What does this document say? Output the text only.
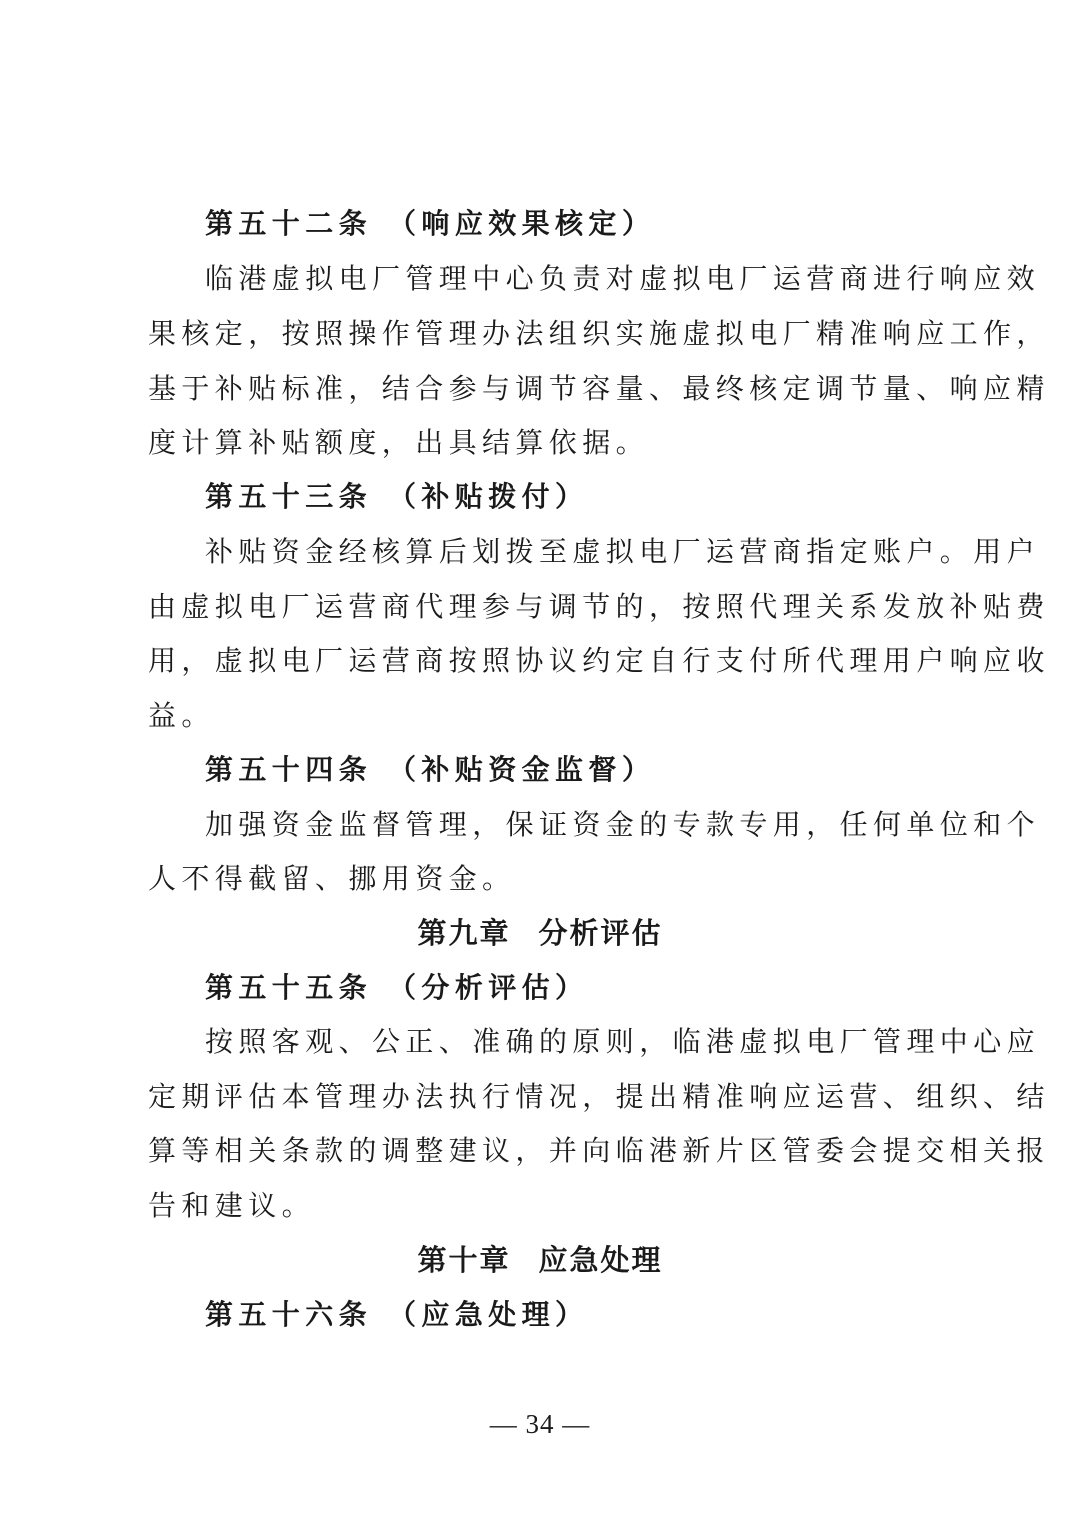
第五十二条 （响应效果核定）
临港虚拟电厂管理中心负责对虚拟电厂运营商进行响应效
果核定，按照操作管理办法组织实施虚拟电厂精准响应工作，
基于补贴标准，结合参与调节容量、最终核定调节量、响应精
度计算补贴额度，出具结算依据。
第五十三条 （补贴拨付）
补贴资金经核算后划拨至虚拟电厂运营商指定账户。用户
由虚拟电厂运营商代理参与调节的，按照代理关系发放补贴费
用，虚拟电厂运营商按照协议约定自行支付所代理用户响应收
益。
第五十四条 （补贴资金监督）
加强资金监督管理，保证资金的专款专用，任何单位和个
人不得截留、挪用资金。
第九章 分析评估
第五十五条 （分析评估）
按照客观、公正、准确的原则，临港虚拟电厂管理中心应
定期评估本管理办法执行情况，提出精准响应运营、组织、结
算等相关条款的调整建议，并向临港新片区管委会提交相关报
告和建议。
第十章 应急处理
第五十六条 （应急处理）
— 34 —
